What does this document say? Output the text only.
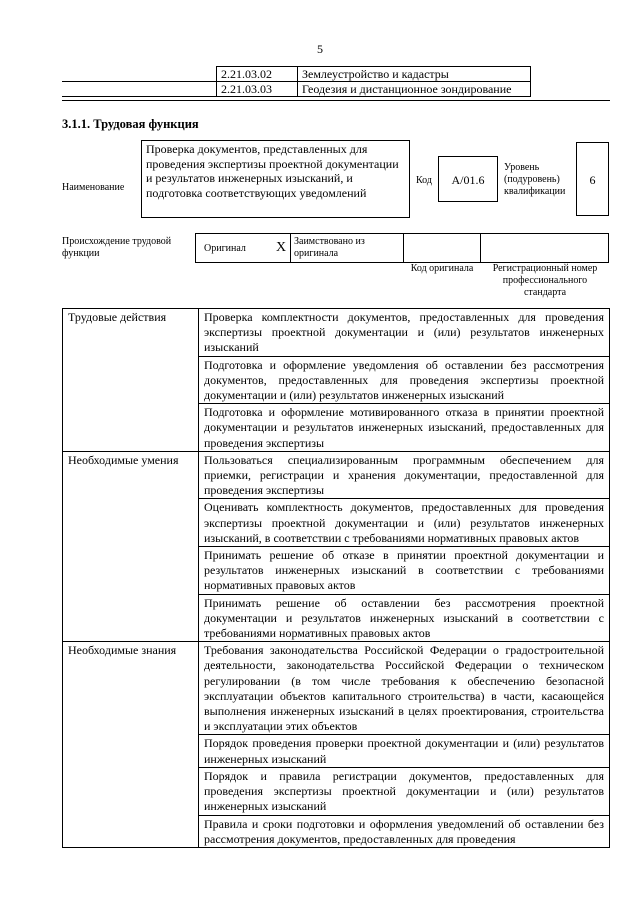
5
	2.21.03.02	Землеустройство и кадастры
	2.21.03.03	Геодезия и дистанционное зондирование
3.1.1. Трудовая функция
Наименование
Проверка документов, представленных для проведения экспертизы проектной документации и результатов инженерных изысканий, и подготовка соответствующих уведомлений
Код	А/01.6
Уровень (подуровень) квалификации
6
Происхождение трудовой функции	Оригинал X Заимствовано из оригинала
Код оригинала	Регистрационный номер профессионального стандарта
Трудовые действия	Проверка комплектности документов, предоставленных для проведения экспертизы проектной документации и (или) результатов инженерных изысканий
	Подготовка и оформление уведомления об оставлении без рассмотрения документов, предоставленных для проведения экспертизы проектной документации и (или) результатов инженерных изысканий
	Подготовка и оформление мотивированного отказа в принятии проектной документации и результатов инженерных изысканий, предоставленных для проведения экспертизы
Необходимые умения	Пользоваться специализированным программным обеспечением для приемки, регистрации и хранения документации, предоставленной для проведения экспертизы
	Оценивать комплектность документов, предоставленных для проведения экспертизы проектной документации и (или) результатов инженерных изысканий, в соответствии с требованиями нормативных правовых актов
	Принимать решение об отказе в принятии проектной документации и результатов инженерных изысканий в соответствии с требованиями нормативных правовых актов
	Принимать решение об оставлении без рассмотрения проектной документации и результатов инженерных изысканий в соответствии с требованиями нормативных правовых актов
Необходимые знания	Требования законодательства Российской Федерации о градостроительной деятельности, законодательства Российской Федерации о техническом регулировании (в том числе требования к обеспечению безопасной эксплуатации объектов капитального строительства) в части, касающейся выполнения инженерных изысканий в целях проектирования, строительства и эксплуатации этих объектов
	Порядок проведения проверки проектной документации и (или) результатов инженерных изысканий
	Порядок и правила регистрации документов, предоставленных для проведения экспертизы проектной документации и (или) результатов инженерных изысканий
	Правила и сроки подготовки и оформления уведомлений об оставлении без рассмотрения документов, предоставленных для проведения
